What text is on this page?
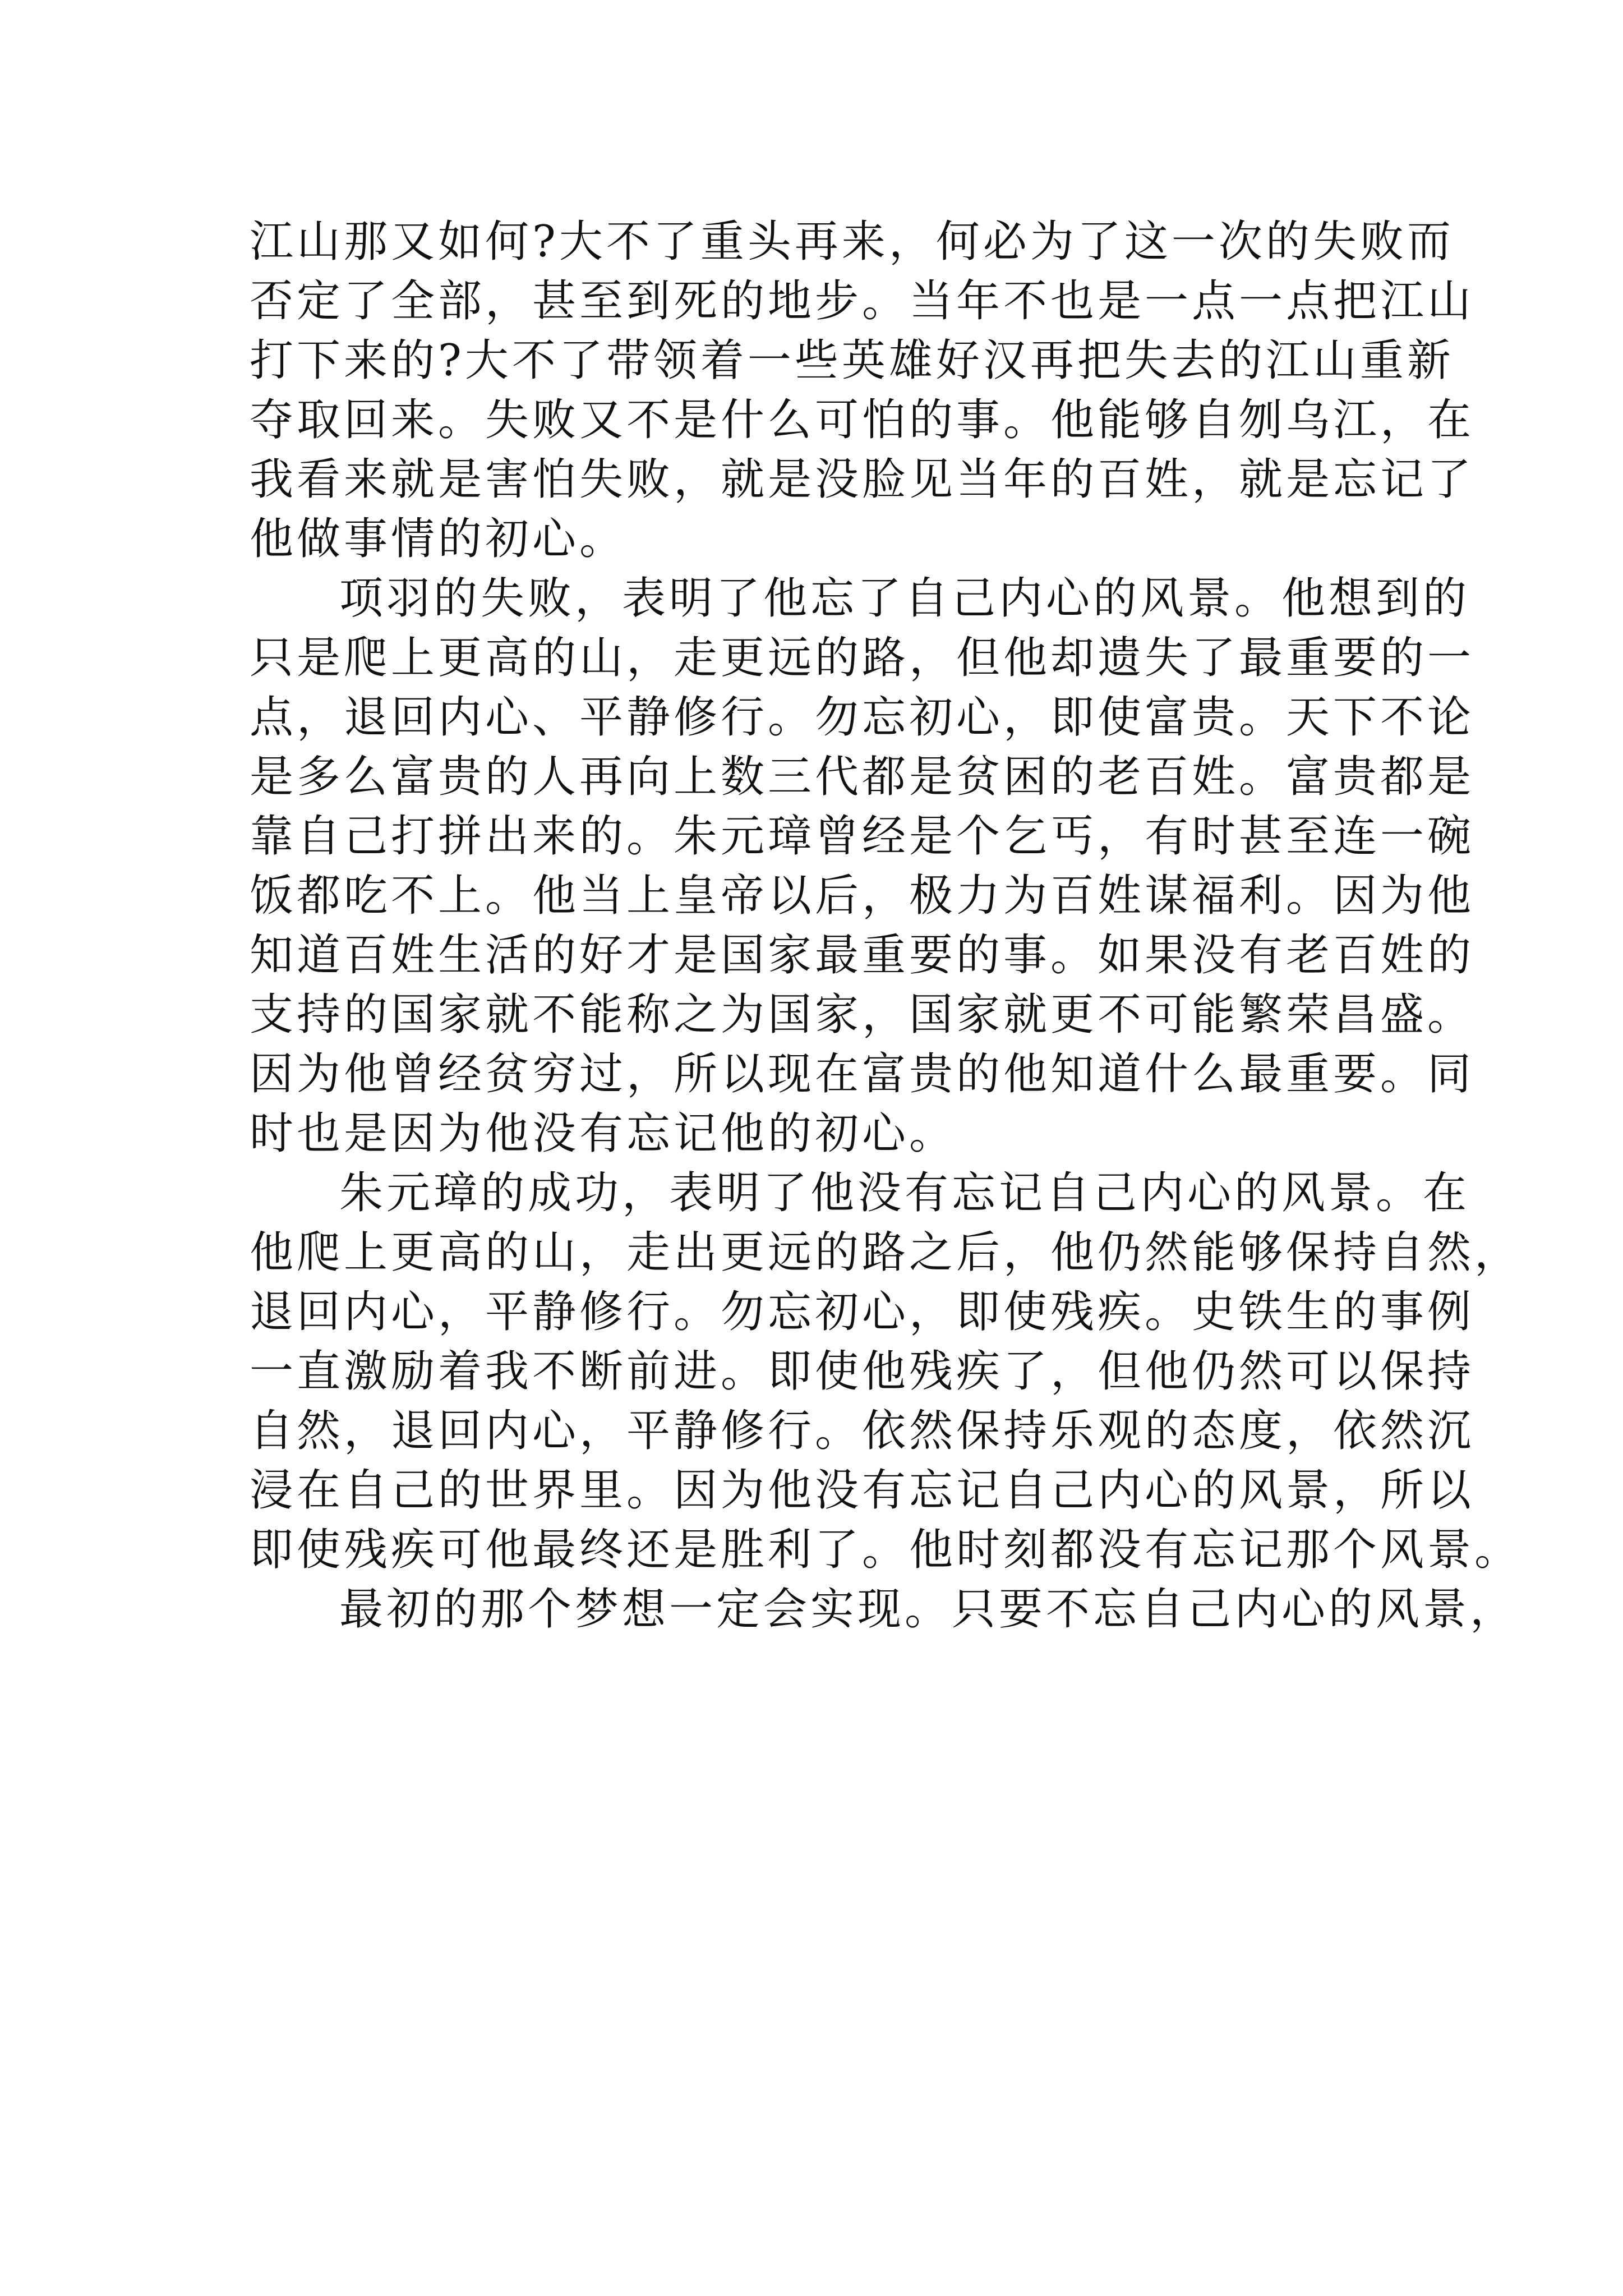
江山那又如何?大不了重头再来，何必为了这一次的失败而
否定了全部，甚至到死的地步。当年不也是一点一点把江山
打下来的?大不了带领着一些英雄好汉再把失去的江山重新
夺取回来。失败又不是什么可怕的事。他能够自刎乌江，在
我看来就是害怕失败，就是没脸见当年的百姓，就是忘记了
他做事情的初心。
项羽的失败，表明了他忘了自己内心的风景。他想到的
只是爬上更高的山，走更远的路，但他却遗失了最重要的一
点，退回内心、平静修行。勿忘初心，即使富贵。天下不论
是多么富贵的人再向上数三代都是贫困的老百姓。富贵都是
靠自己打拼出来的。朱元璋曾经是个乞丐，有时甚至连一碗
饭都吃不上。他当上皇帝以后，极力为百姓谋福利。因为他
知道百姓生活的好才是国家最重要的事。如果没有老百姓的
支持的国家就不能称之为国家，国家就更不可能繁荣昌盛。
因为他曾经贫穷过，所以现在富贵的他知道什么最重要。同
时也是因为他没有忘记他的初心。
朱元璋的成功，表明了他没有忘记自己内心的风景。在
他爬上更高的山，走出更远的路之后，他仍然能够保持自然，
退回内心，平静修行。勿忘初心，即使残疾。史铁生的事例
一直激励着我不断前进。即使他残疾了，但他仍然可以保持
自然，退回内心，平静修行。依然保持乐观的态度，依然沉
浸在自己的世界里。因为他没有忘记自己内心的风景，所以
即使残疾可他最终还是胜利了。他时刻都没有忘记那个风景。
最初的那个梦想一定会实现。只要不忘自己内心的风景，
